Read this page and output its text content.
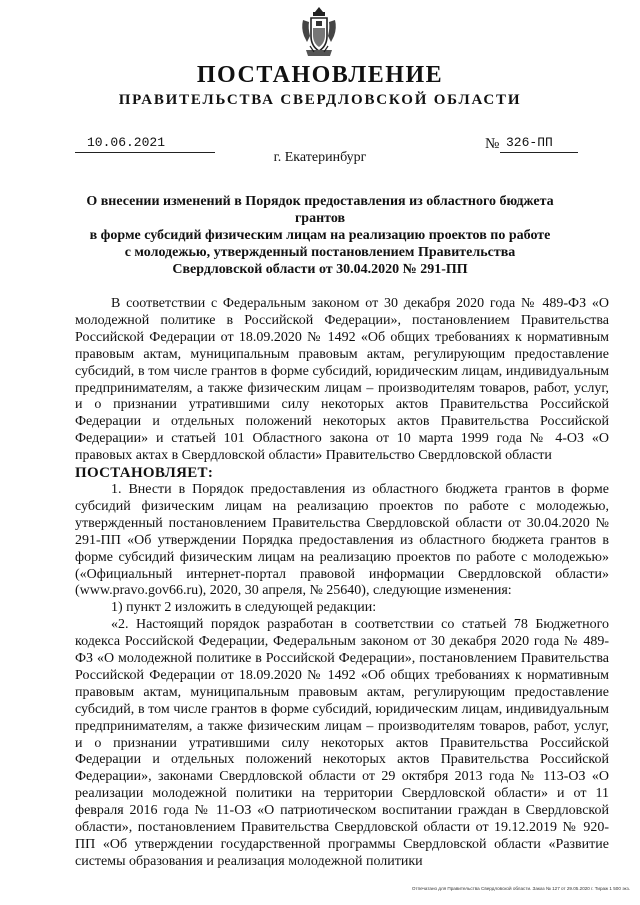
ПОСТАНОВЛЕНИЕ
ПРАВИТЕЛЬСТВА СВЕРДЛОВСКОЙ ОБЛАСТИ
10.06.2021	№ 326-ПП
г. Екатеринбург
О внесении изменений в Порядок предоставления из областного бюджета грантов
в форме субсидий физическим лицам на реализацию проектов по работе
с молодежью, утвержденный постановлением Правительства
Свердловской области от 30.04.2020 № 291-ПП

В соответствии с Федеральным законом от 30 декабря 2020 года № 489-ФЗ «О молодежной политике в Российской Федерации», постановлением Правительства Российской Федерации от 18.09.2020 № 1492 «Об общих требованиях к нормативным правовым актам, муниципальным правовым актам, регулирующим предоставление субсидий, в том числе грантов в форме субсидий, юридическим лицам, индивидуальным предпринимателям, а также физическим лицам – производителям товаров, работ, услуг, и о признании утратившими силу некоторых актов Правительства Российской Федерации и отдельных положений некоторых актов Правительства Российской Федерации» и статьей 101 Областного закона от 10 марта 1999 года № 4-ОЗ «О правовых актах в Свердловской области» Правительство Свердловской области

ПОСТАНОВЛЯЕТ:

1. Внести в Порядок предоставления из областного бюджета грантов в форме субсидий физическим лицам на реализацию проектов по работе с молодежью, утвержденный постановлением Правительства Свердловской области от 30.04.2020 № 291-ПП «Об утверждении Порядка предоставления из областного бюджета грантов в форме субсидий физическим лицам на реализацию проектов по работе с молодежью» («Официальный интернет-портал правовой информации Свердловской области» (www.pravo.gov66.ru), 2020, 30 апреля, № 25640), следующие изменения:

1) пункт 2 изложить в следующей редакции:

«2. Настоящий порядок разработан в соответствии со статьей 78 Бюджетного кодекса Российской Федерации, Федеральным законом от 30 декабря 2020 года № 489-ФЗ «О молодежной политике в Российской Федерации», постановлением Правительства Российской Федерации от 18.09.2020 № 1492 «Об общих требованиях к нормативным правовым актам, муниципальным правовым актам, регулирующим предоставление субсидий, в том числе грантов в форме субсидий, юридическим лицам, индивидуальным предпринимателям, а также физическим лицам – производителям товаров, работ, услуг, и о признании утратившими силу некоторых актов Правительства Российской Федерации и отдельных положений некоторых актов Правительства Российской Федерации», законами Свердловской области от 29 октября 2013 года № 113-ОЗ «О реализации молодежной политики на территории Свердловской области» и от 11 февраля 2016 года № 11-ОЗ «О патриотическом воспитании граждан в Свердловской области», постановлением Правительства Свердловской области от 19.12.2019 № 920-ПП «Об утверждении государственной программы Свердловской области «Развитие системы образования и реализация молодежной политики

Отпечатано для Правительства Свердловской области. Заказ № 127 от 29.05.2020 г. Тираж 1 500 экз.
